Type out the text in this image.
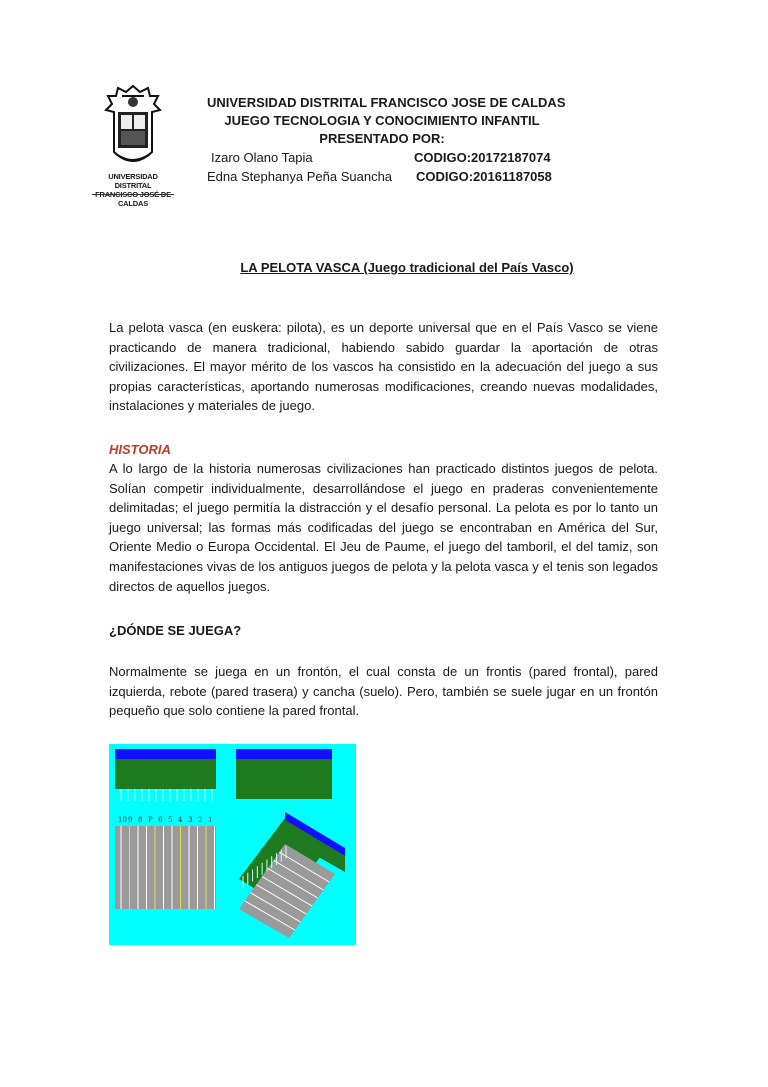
UNIVERSIDAD DISTRITAL
CALDAS
UNIVERSIDAD DISTRITAL FRANCISCO JOSE DE CALDAS
JUEGO TECNOLOGIA Y CONOCIMIENTO INFANTIL
PRESENTADO POR:
Izaro Olano Tapia	CODIGO:20172187074
Edna Stephanya Peña Suancha CODIGO:20161187058
LA PELOTA VASCA (Juego tradicional del País Vasco)

La pelota vasca (en euskera: pilota), es un deporte universal que en el País Vasco se viene practicando de manera tradicional, habiendo sabido guardar la aportación de otras civilizaciones. El mayor mérito de los vascos ha consistido en la adecuación del juego a sus propias características, aportando numerosas modificaciones, creando nuevas modalidades, instalaciones y materiales de juego.

HISTORIA

A lo largo de la historia numerosas civilizaciones han practicado distintos juegos de pelota. Solían competir individualmente, desarrollándose el juego en praderas convenientemente delimitadas; el juego permitía la distracción y el desafío personal. La pelota es por lo tanto un juego universal; las formas más codificadas del juego se encontraban en América del Sur, Oriente Medio o Europa Occidental. El Jeu de Paume, el juego del tamboril, el del tamiz, son manifestaciones vivas de los antiguos juegos de pelota y la pelota vasca y el tenis son legados directos de aquellos juegos.

¿DÓNDE SE JUEGA?

Normalmente se juega en un frontón, el cual consta de un frontis (pared frontal), pared izquierda, rebote (pared trasera) y cancha (suelo). Pero, también se suele jugar en un frontón pequeño que solo contiene la pared frontal.

10 9 8 P 6 5 4 3 2 1
